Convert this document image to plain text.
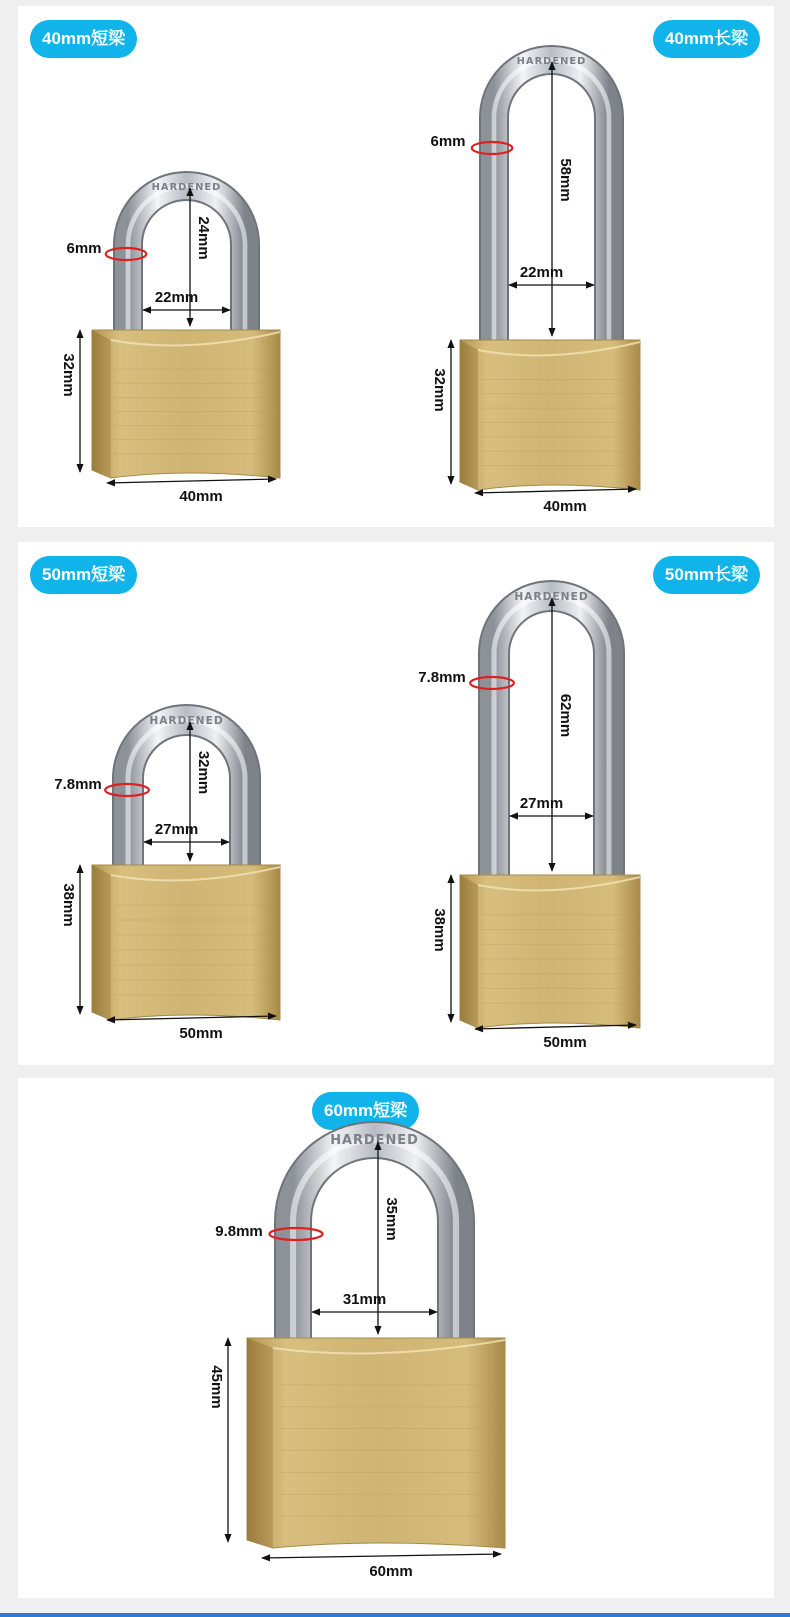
40mm短梁	40mm长梁
50mm短梁	50mm长梁
60mm短梁
HARDENED
6mm	24mm
22mm
32mm
40mm
HARDENED
6mm
58mm
22mm
32mm
40mm
HARDENED
7.8mm	32mm
27mm
38mm
50mm
HARDENED
7.8mm
62mm
27mm
38mm
50mm
HARDENED
9.8mm	35mm
31mm
45mm
60mm
